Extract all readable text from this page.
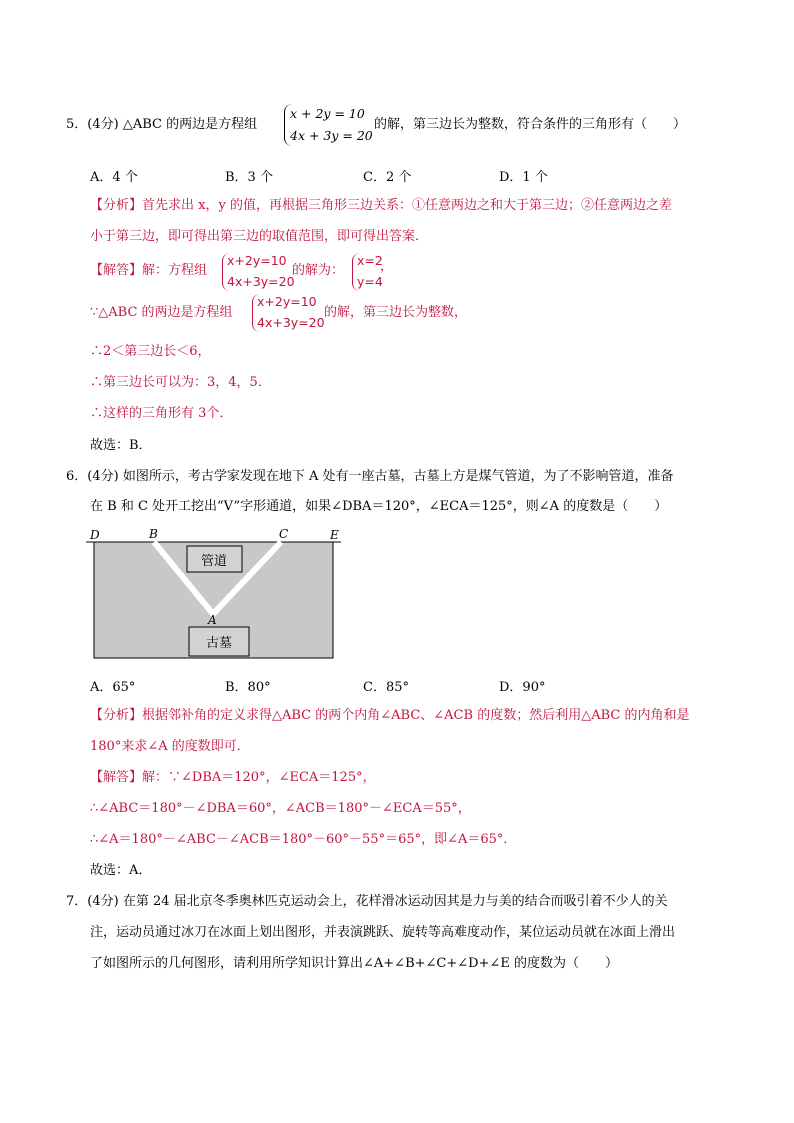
5．(4分) △ABC 的两边是方程组
x + 2y = 10
4x + 3y = 20
的解，第三边长为整数，符合条件的三角形有（　　）
A．4 个	B．3 个	C．2 个	D．1 个
【分析】首先求出 x，y 的值，再根据三角形三边关系：①任意两边之和大于第三边；②任意两边之差
小于第三边，即可得出第三边的取值范围，即可得出答案．
【解答】解：方程组
x+2y=10
4x+3y=20
的解为：
x=2
y=4
，
∵△ABC 的两边是方程组
x+2y=10
4x+3y=20
的解，第三边长为整数，
∴2＜第三边长＜6，
∴第三边长可以为：3，4，5．
∴这样的三角形有 3个．
故选：B．
6．(4分) 如图所示，考古学家发现在地下 A 处有一座古墓，古墓上方是煤气管道，为了不影响管道，准备
在 B 和 C 处开工挖出“V”字形通道，如果∠DBA＝120°，∠ECA＝125°，则∠A 的度数是（　　）
管道
古墓
D	B	C	E
A
A．65°	B．80°	C．85°	D．90°
【分析】根据邻补角的定义求得△ABC 的两个内角∠ABC、∠ACB 的度数；然后利用△ABC 的内角和是
180°来求∠A 的度数即可．
【解答】解：∵∠DBA＝120°，∠ECA＝125°，
∴∠ABC＝180°－∠DBA＝60°，∠ACB＝180°－∠ECA＝55°，
∴∠A＝180°－∠ABC－∠ACB＝180°－60°－55°＝65°，即∠A＝65°．
故选：A．
7．(4分) 在第 24 届北京冬季奥林匹克运动会上，花样滑冰运动因其是力与美的结合而吸引着不少人的关
注，运动员通过冰刀在冰面上划出图形，并表演跳跃、旋转等高难度动作，某位运动员就在冰面上滑出
了如图所示的几何图形，请利用所学知识计算出∠A+∠B+∠C+∠D+∠E 的度数为（　　）
